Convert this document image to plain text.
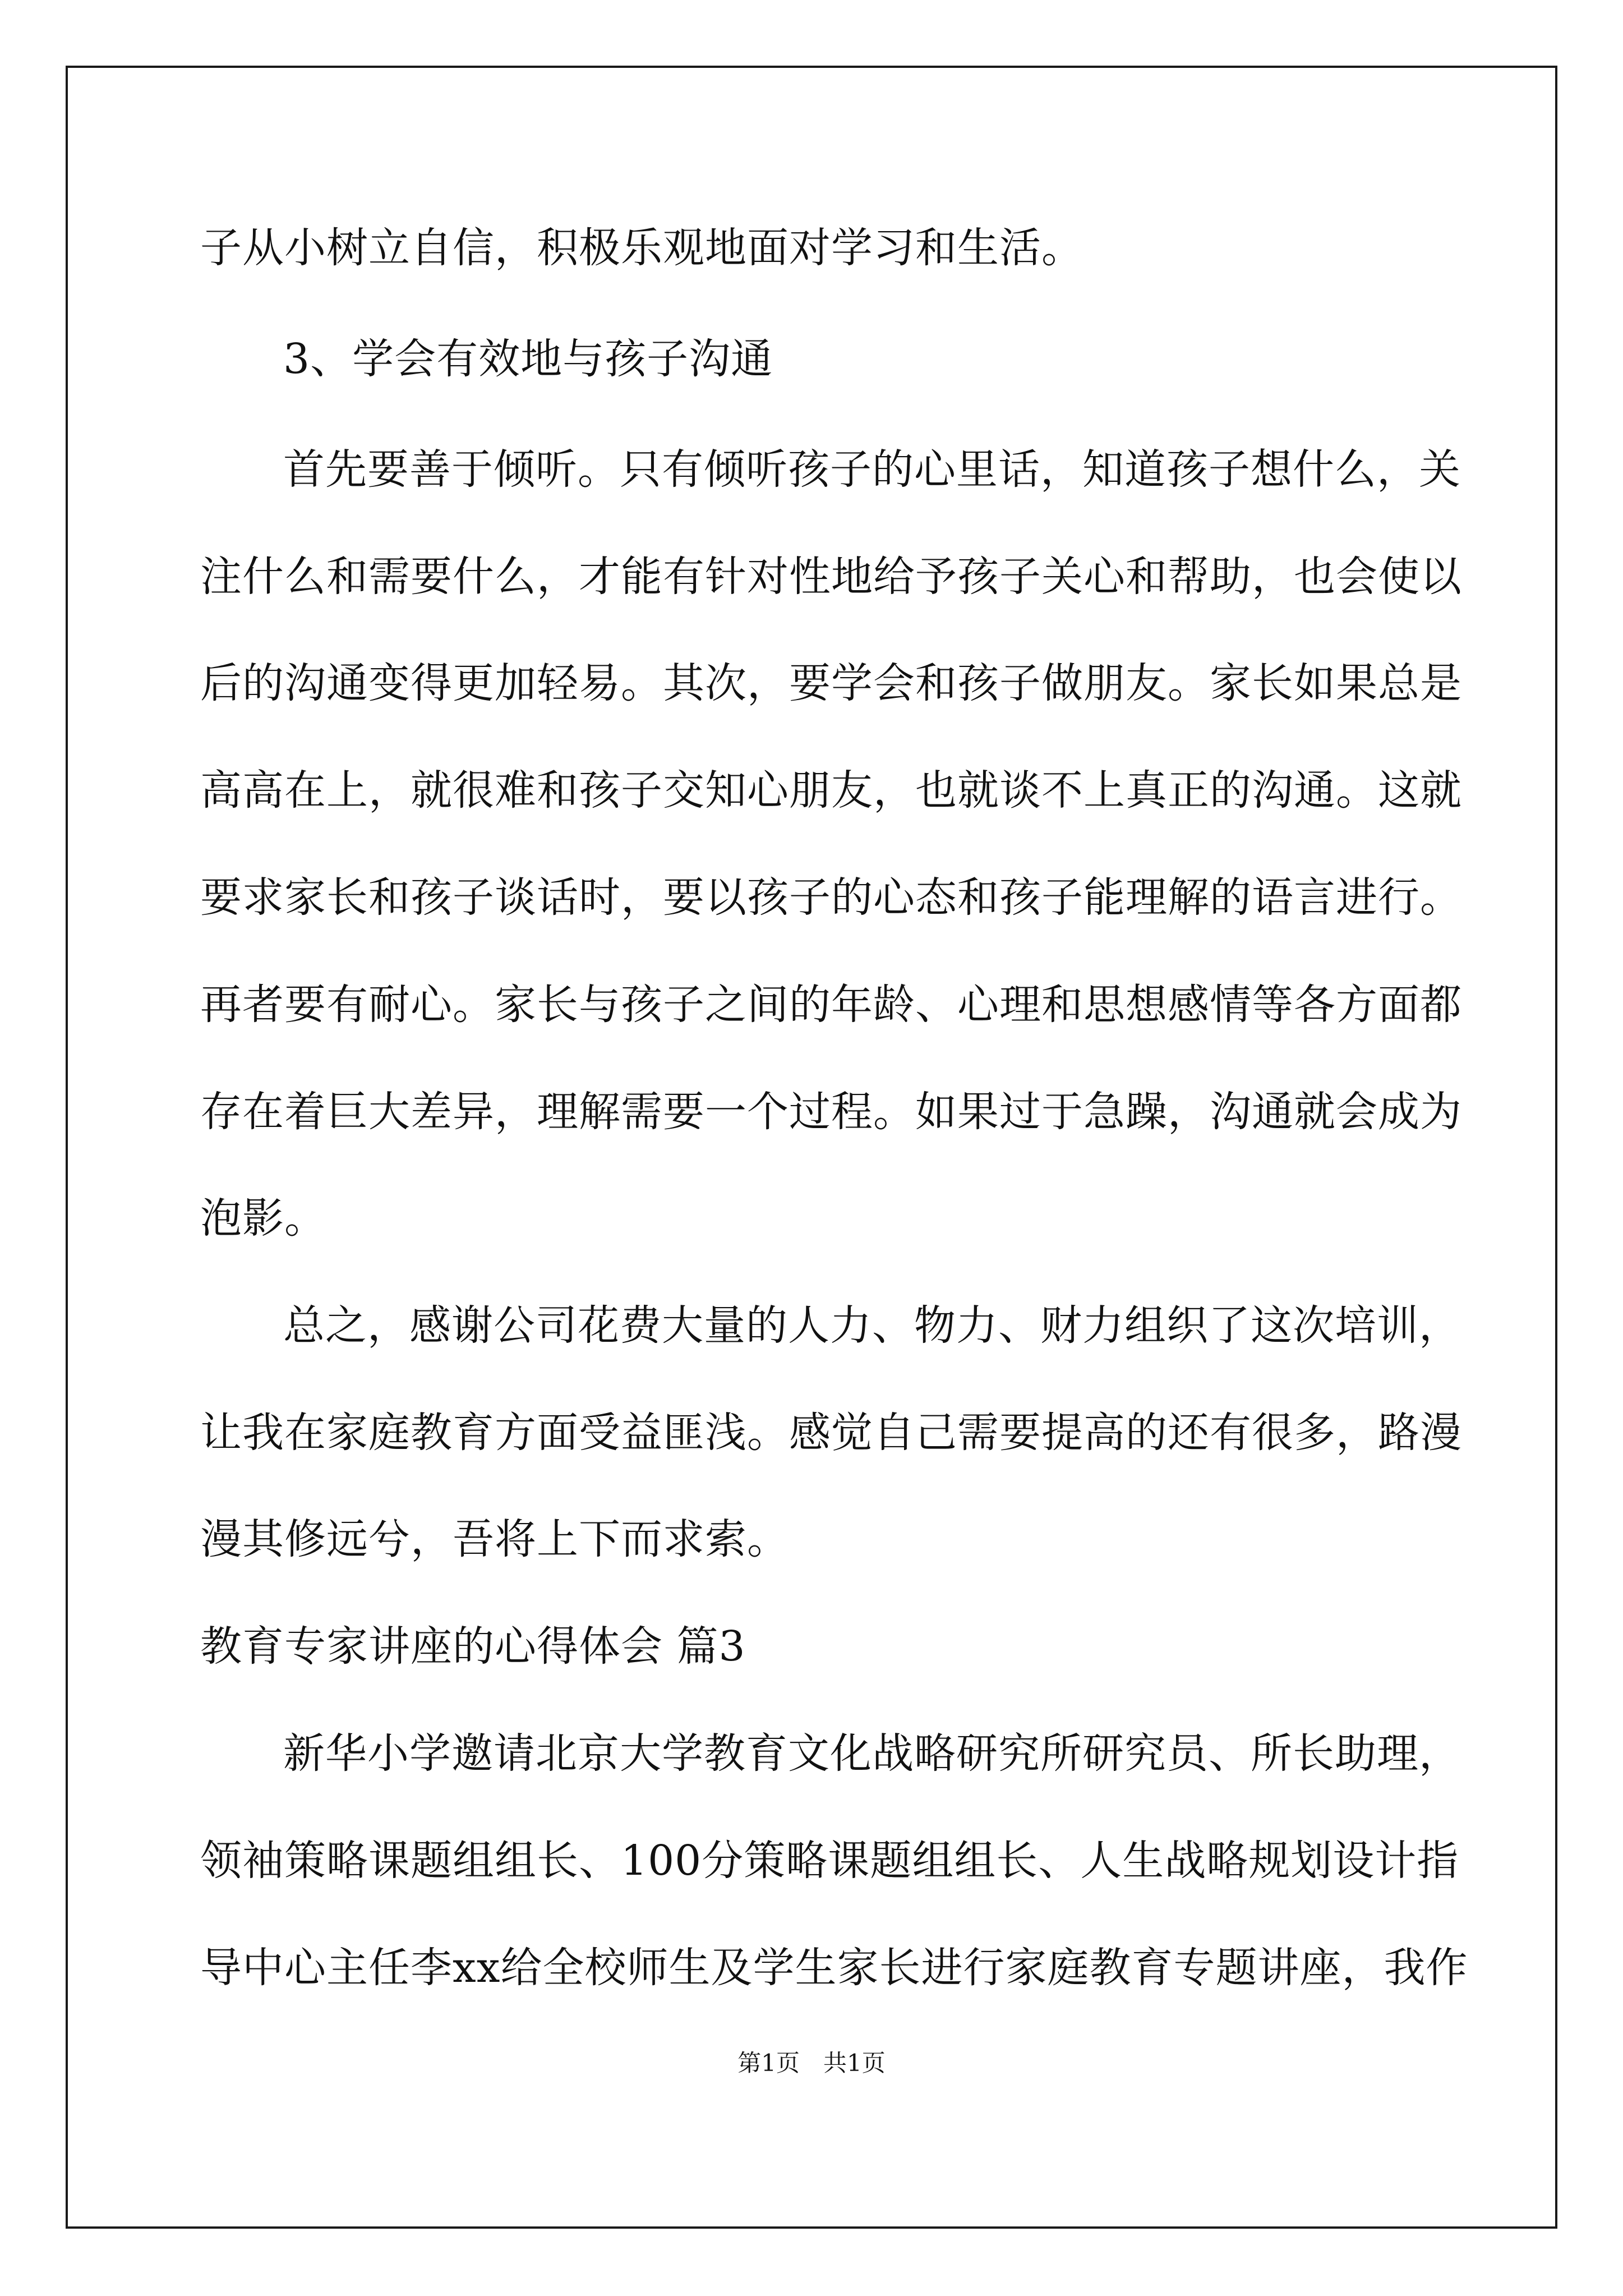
子从小树立自信，积极乐观地面对学习和生活。
3、学会有效地与孩子沟通
首先要善于倾听。只有倾听孩子的心里话，知道孩子想什么，关
注什么和需要什么，才能有针对性地给予孩子关心和帮助，也会使以
后的沟通变得更加轻易。其次，要学会和孩子做朋友。家长如果总是
高高在上，就很难和孩子交知心朋友，也就谈不上真正的沟通。这就
要求家长和孩子谈话时，要以孩子的心态和孩子能理解的语言进行。
再者要有耐心。家长与孩子之间的年龄、心理和思想感情等各方面都
存在着巨大差异，理解需要一个过程。如果过于急躁，沟通就会成为
泡影。
总之，感谢公司花费大量的人力、物力、财力组织了这次培训，
让我在家庭教育方面受益匪浅。感觉自己需要提高的还有很多，路漫
漫其修远兮，吾将上下而求索。
教育专家讲座的心得体会 篇3
新华小学邀请北京大学教育文化战略研究所研究员、所长助理，
领袖策略课题组组长、100分策略课题组组长、人生战略规划设计指
导中心主任李xx给全校师生及学生家长进行家庭教育专题讲座，我作
第1页　共1页
